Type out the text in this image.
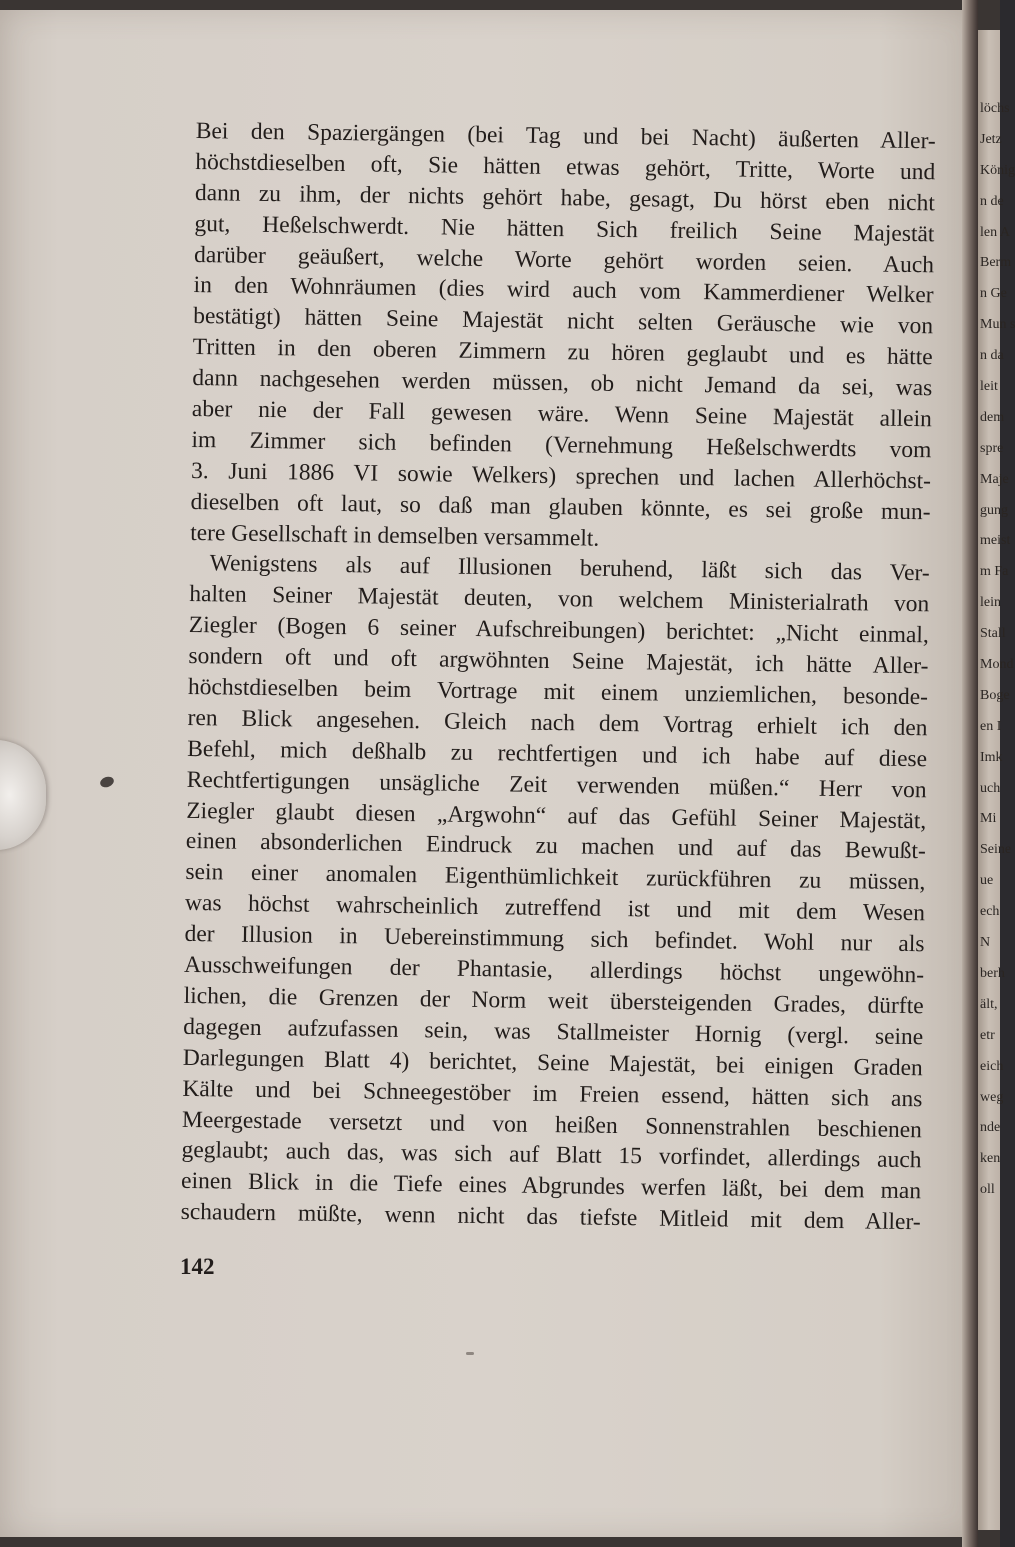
Bei den Spaziergängen (bei Tag und bei Nacht) äußerten Aller-
höchstdieselben oft, Sie hätten etwas gehört, Tritte, Worte und
dann zu ihm, der nichts gehört habe, gesagt, Du hörst eben nicht
gut, Heßelschwerdt. Nie hätten Sich freilich Seine Majestät
darüber geäußert, welche Worte gehört worden seien. Auch
in den Wohnräumen (dies wird auch vom Kammerdiener Welker
bestätigt) hätten Seine Majestät nicht selten Geräusche wie von
Tritten in den oberen Zimmern zu hören geglaubt und es hätte
dann nachgesehen werden müssen, ob nicht Jemand da sei, was
aber nie der Fall gewesen wäre. Wenn Seine Majestät allein
im Zimmer sich befinden (Vernehmung Heßelschwerdts vom
3. Juni 1886 VI sowie Welkers) sprechen und lachen Allerhöchst-
dieselben oft laut, so daß man glauben könnte, es sei große mun-
tere Gesellschaft in demselben versammelt.
Wenigstens als auf Illusionen beruhend, läßt sich das Ver-
halten Seiner Majestät deuten, von welchem Ministerialrath von
Ziegler (Bogen 6 seiner Aufschreibungen) berichtet: „Nicht einmal,
sondern oft und oft argwöhnten Seine Majestät, ich hätte Aller-
höchstdieselben beim Vortrage mit einem unziemlichen, besonde-
ren Blick angesehen. Gleich nach dem Vortrag erhielt ich den
Befehl, mich deßhalb zu rechtfertigen und ich habe auf diese
Rechtfertigungen unsägliche Zeit verwenden müßen.“ Herr von
Ziegler glaubt diesen „Argwohn“ auf das Gefühl Seiner Majestät,
einen absonderlichen Eindruck zu machen und auf das Bewußt-
sein einer anomalen Eigenthümlichkeit zurückführen zu müssen,
was höchst wahrscheinlich zutreffend ist und mit dem Wesen
der Illusion in Uebereinstimmung sich befindet. Wohl nur als
Ausschweifungen der Phantasie, allerdings höchst ungewöhn-
lichen, die Grenzen der Norm weit übersteigenden Grades, dürfte
dagegen aufzufassen sein, was Stallmeister Hornig (vergl. seine
Darlegungen Blatt 4) berichtet, Seine Majestät, bei einigen Graden
Kälte und bei Schneegestöber im Freien essend, hätten sich ans
Meergestade versetzt und von heißen Sonnenstrahlen beschienen
geglaubt; auch das, was sich auf Blatt 15 vorfindet, allerdings auch
einen Blick in die Tiefe eines Abgrundes werfen läßt, bei dem man
schaudern müßte, wenn nicht das tiefste Mitleid mit dem Aller-
142
löchs
Jetz
König
n de
len A
Berm
n Ge
Mun s
n da
leit
dem
spre
Maje
gung
meist
m Fa
lein
Stall
Mond
Boge
en I
Imk
uch
Mi
Seine
ue
ech
N
berh
ält,
etr
eich
weg
nde
ken
oll
